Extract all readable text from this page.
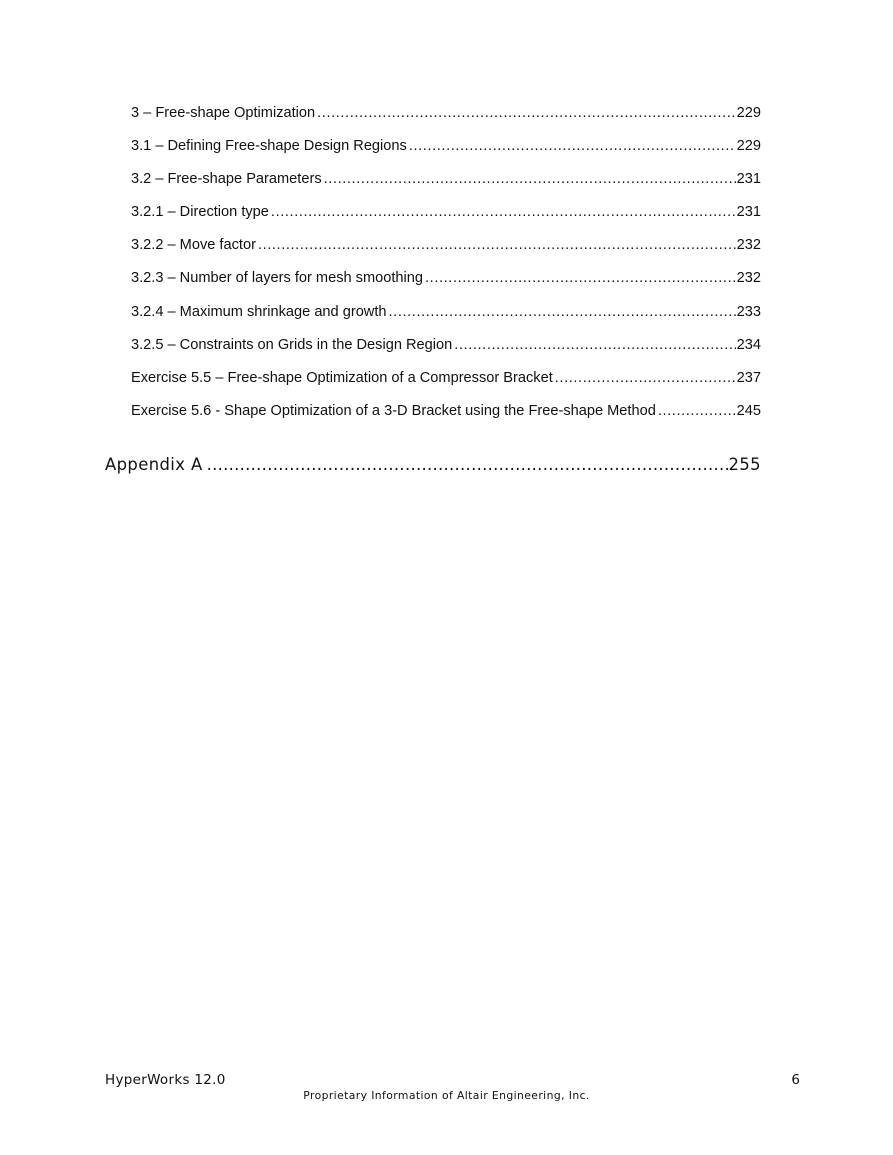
3 – Free-shape Optimization .....	229
3.1 – Defining Free-shape Design Regions .....	229
3.2 – Free-shape Parameters .....	231
3.2.1 – Direction type .....	231
3.2.2 – Move factor .....	232
3.2.3 – Number of layers for mesh smoothing .....	232
3.2.4 – Maximum shrinkage and growth .....	233
3.2.5 – Constraints on Grids in the Design Region .....	234
Exercise 5.5 – Free-shape Optimization of a Compressor Bracket .....	237
Exercise 5.6 - Shape Optimization of a 3-D Bracket using the Free-shape Method .....	245
Appendix A .....	255
HyperWorks 12.0	6
Proprietary Information of Altair Engineering, Inc.
